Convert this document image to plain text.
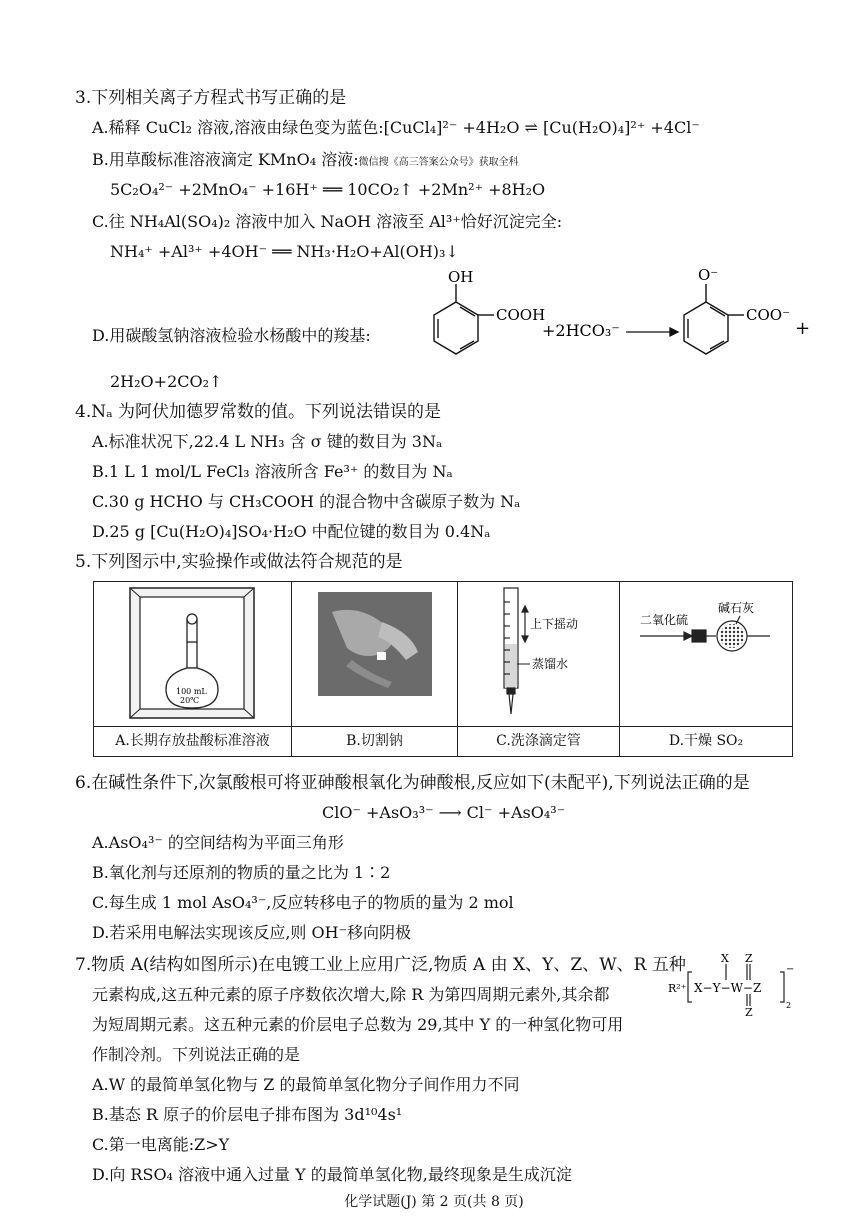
3.下列相关离子方程式书写正确的是
A.稀释 CuCl₂ 溶液,溶液由绿色变为蓝色:[CuCl₄]²⁻ +4H₂O ⇌ [Cu(H₂O)₄]²⁺ +4Cl⁻
B.用草酸标准溶液滴定 KMnO₄ 溶液:微信搜《高三答案公众号》获取全科
5C₂O₄²⁻ +2MnO₄⁻ +16H⁺ ══ 10CO₂↑ +2Mn²⁺ +8H₂O
C.往 NH₄Al(SO₄)₂ 溶液中加入 NaOH 溶液至 Al³⁺恰好沉淀完全:
NH₄⁺ +Al³⁺ +4OH⁻ ══ NH₃·H₂O+Al(OH)₃↓
D.用碳酸氢钠溶液检验水杨酸中的羧基:
OH
COOH
+2HCO₃⁻
O⁻
COO⁻
+
2H₂O+2CO₂↑
4.Nₐ 为阿伏加德罗常数的值。下列说法错误的是
A.标准状况下,22.4 L NH₃ 含 σ 键的数目为 3Nₐ
B.1 L 1 mol/L FeCl₃ 溶液所含 Fe³⁺ 的数目为 Nₐ
C.30 g HCHO 与 CH₃COOH 的混合物中含碳原子数为 Nₐ
D.25 g [Cu(H₂O)₄]SO₄·H₂O 中配位键的数目为 0.4Nₐ
5.下列图示中,实验操作或做法符合规范的是
100 mL
20℃
A.长期存放盐酸标准溶液	B.切割钠
上下摇动
蒸馏水
C.洗涤滴定管
二氧化硫
碱石灰
D.干燥 SO₂
6.在碱性条件下,次氯酸根可将亚砷酸根氧化为砷酸根,反应如下(未配平),下列说法正确的是
ClO⁻ +AsO₃³⁻ ⟶ Cl⁻ +AsO₄³⁻
A.AsO₄³⁻ 的空间结构为平面三角形
B.氧化剂与还原剂的物质的量之比为 1∶2
C.每生成 1 mol AsO₄³⁻,反应转移电子的物质的量为 2 mol
D.若采用电解法实现该反应,则 OH⁻移向阴极
7.物质 A(结构如图所示)在电镀工业上应用广泛,物质 A 由 X、Y、Z、W、R 五种
元素构成,这五种元素的原子序数依次增大,除 R 为第四周期元素外,其余都
为短周期元素。这五种元素的价层电子总数为 29,其中 Y 的一种氢化物可用
作制冷剂。下列说法正确的是
R²⁺
X Z
X−Y−W−Z
Z
−
2
A.W 的最简单氢化物与 Z 的最简单氢化物分子间作用力不同
B.基态 R 原子的价层电子排布图为 3d¹⁰4s¹
C.第一电离能:Z>Y
D.向 RSO₄ 溶液中通入过量 Y 的最简单氢化物,最终现象是生成沉淀
化学试题(J) 第 2 页(共 8 页)
